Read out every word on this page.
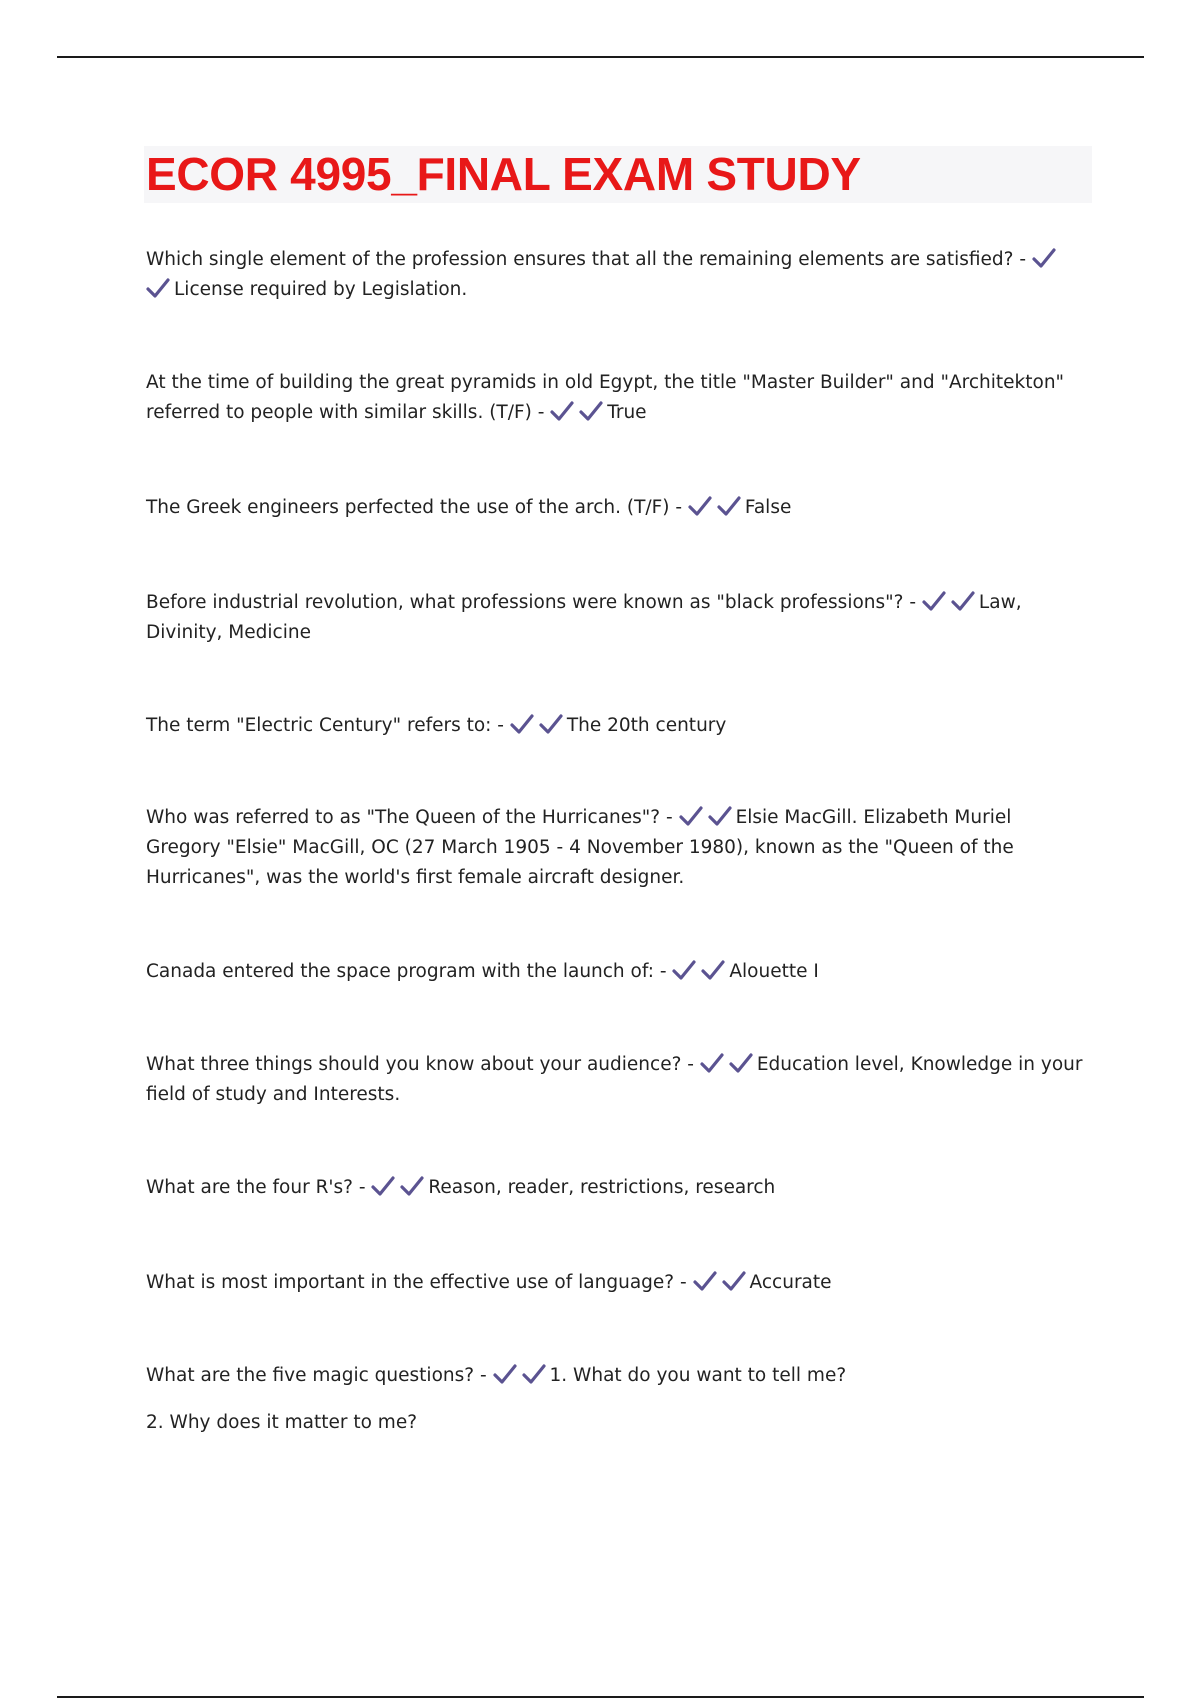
ECOR 4995_FINAL EXAM STUDY

Which single element of the profession ensures that all the remaining elements are satisfied? -
License required by Legislation.

At the time of building the great pyramids in old Egypt, the title "Master Builder" and "Architekton" referred to people with similar skills. (T/F) -	True

The Greek engineers perfected the use of the arch. (T/F) -	False

Before industrial revolution, what professions were known as "black professions"? -	Law, Divinity, Medicine

The term "Electric Century" refers to: -	The 20th century

Who was referred to as "The Queen of the Hurricanes"? -	Elsie MacGill. Elizabeth Muriel Gregory "Elsie" MacGill, OC (27 March 1905 - 4 November 1980), known as the "Queen of the Hurricanes", was the world's first female aircraft designer.

Canada entered the space program with the launch of: -	Alouette I

What three things should you know about your audience? -	Education level, Knowledge in your field of study and Interests.

What are the four R's? -	Reason, reader, restrictions, research

What is most important in the effective use of language? -	Accurate

What are the five magic questions? -	1. What do you want to tell me?

2. Why does it matter to me?
